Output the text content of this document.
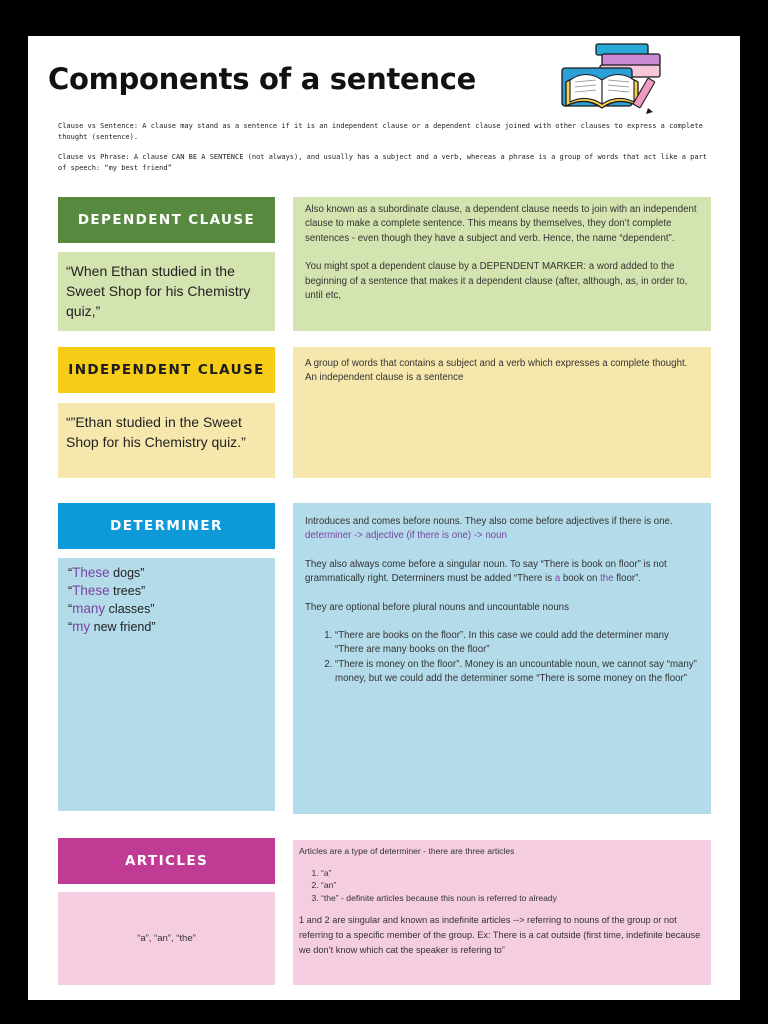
Components of a sentence

Clause vs Sentence: A clause may stand as a sentence if it is an independent clause or a dependent clause joined with other clauses to express a complete thought (sentence).

Clause vs Phrase: A clause CAN BE A SENTENCE (not always), and usually has a subject and a verb, whereas a phrase is a group of words that act like a part of speech: “my best friend”

DEPENDENT CLAUSE
“When Ethan studied in the Sweet Shop for his Chemistry quiz,”

Also known as a subordinate clause, a dependent clause needs to join with an independent clause to make a complete sentence. This means by themselves, they don’t complete sentences - even though they have a subject and verb. Hence, the name “dependent”.

You might spot a dependent clause by a DEPENDENT MARKER: a word added to the beginning of a sentence that makes it a dependent clause (after, although, as, in order to, until etc,

INDEPENDENT CLAUSE
“”Ethan studied in the Sweet Shop for his Chemistry quiz.”

A group of words that contains a subject and a verb which expresses a complete thought. An independent clause is a sentence

DETERMINER
“These dogs”
“These trees”
“many classes”
“my new friend”

Introduces and comes before nouns. They also come before adjectives if there is one. determiner -> adjective (if there is one) -> noun

They also always come before a singular noun. To say “There is book on floor” is not grammatically right. Determiners must be added “There is a book on the floor”.

They are optional before plural nouns and uncountable nouns

1. “There are books on the floor”. In this case we could add the determiner many “There are many books on the floor”
2. “There is money on the floor”. Money is an uncountable noun, we cannot say “many” money, but we could add the determiner some “There is some money on the floor”
ARTICLES
“a”, “an”, “the”

Articles are a type of determiner - there are three articles

1. “a”
2. “an”
3. “the” - definite articles because this noun is referred to already

1 and 2 are singular and known as indefinite articles --> referring to nouns of the group or not referring to a specific member of the group. Ex: There is a cat outside (first time, indefinite because we don’t know which cat the speaker is refering to”
